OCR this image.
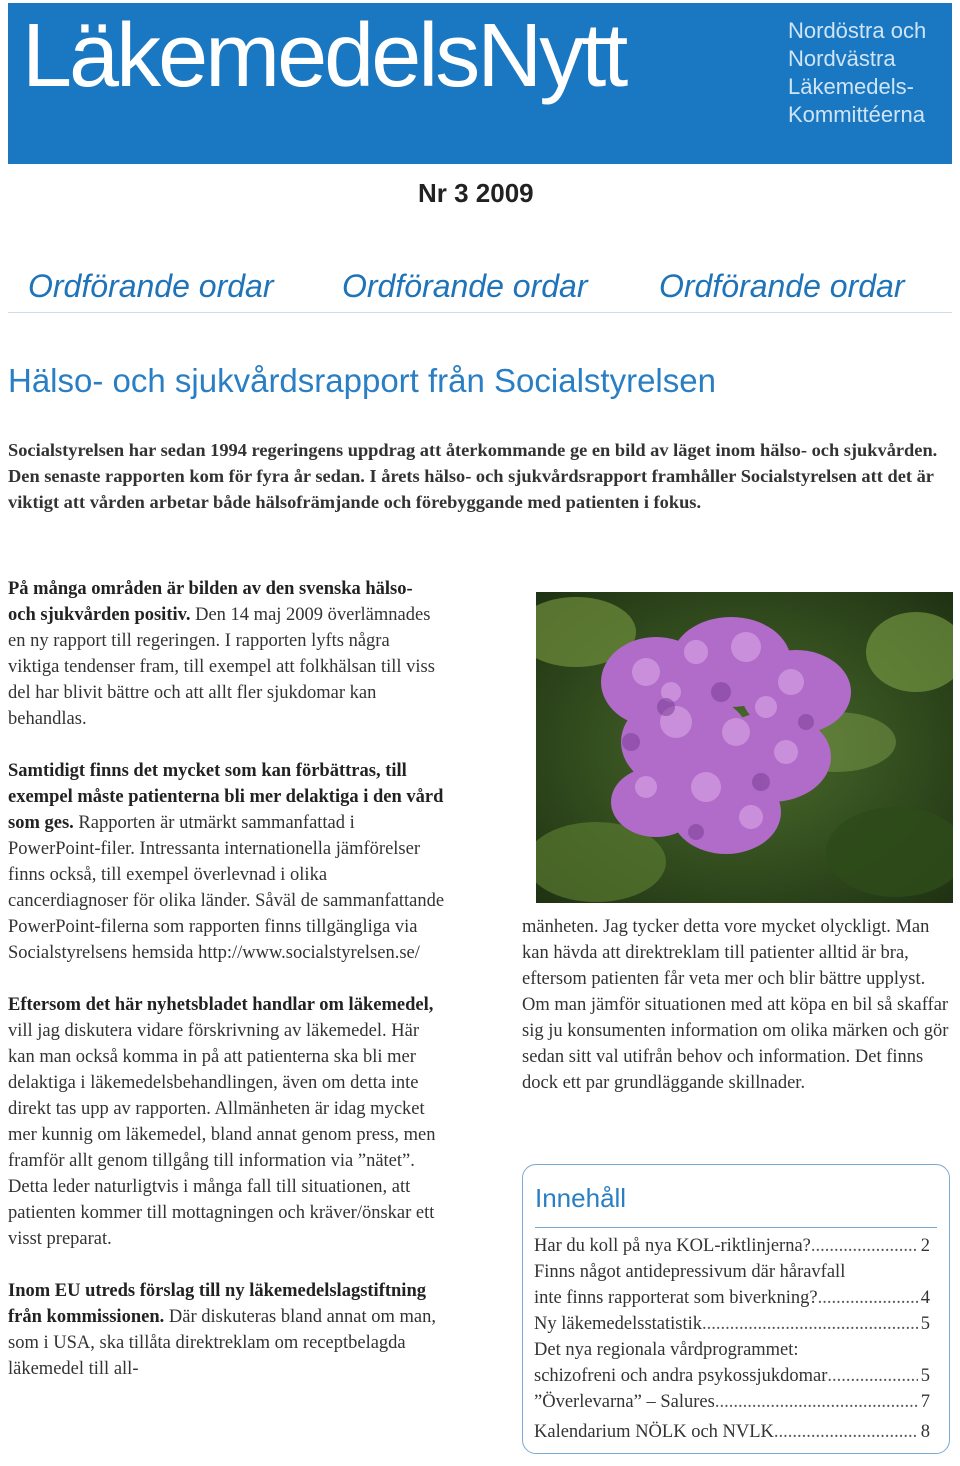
LäkemedelsNytt	Nordöstra och
Nordvästra
Läkemedels-
Kommittéerna
Nr 3 2009
Ordförande ordar Ordförande ordar Ordförande ordar
Hälso- och sjukvårdsrapport från Socialstyrelsen
Socialstyrelsen har sedan 1994 regeringens uppdrag att återkommande ge en bild av läget inom hälso- och sjukvården. Den senaste rapporten kom för fyra år sedan. I årets hälso- och sjukvårdsrapport framhåller Socialstyrelsen att det är viktigt att vården arbetar både hälsofrämjande och förebyggande med patienten i fokus.

På många områden är bilden av den svenska hälso- och sjukvården positiv. Den 14 maj 2009 överlämnades en ny rapport till regeringen. I rapporten lyfts några viktiga tendenser fram, till exempel att folkhälsan till viss del har blivit bättre och att allt fler sjukdomar kan behandlas.

Samtidigt finns det mycket som kan förbättras, till exempel måste patienterna bli mer delaktiga i den vård som ges. Rapporten är utmärkt sammanfattad i PowerPoint-filer. Intressanta internationella jämförelser finns också, till exempel överlevnad i olika cancerdiagnoser för olika länder. Såväl de sammanfattande PowerPoint-filerna som rapporten finns tillgängliga via Socialstyrelsens hemsida http://www.socialstyrelsen.se/

Eftersom det här nyhetsbladet handlar om läkemedel, vill jag diskutera vidare förskrivning av läkemedel. Här kan man också komma in på att patienterna ska bli mer delaktiga i läkemedelsbehandlingen, även om detta inte direkt tas upp av rapporten. Allmänheten är idag mycket mer kunnig om läkemedel, bland annat genom press, men framför allt genom tillgång till information via ”nätet”. Detta leder naturligtvis i många fall till situationen, att patienten kommer till mottagningen och kräver/önskar ett visst preparat.

Inom EU utreds förslag till ny läkemedelslagstiftning från kommissionen. Där diskuteras bland annat om man, som i USA, ska tillåta direktreklam om receptbelagda läkemedel till all-

mänheten. Jag tycker detta vore mycket olyckligt. Man kan hävda att direktreklam till patienter alltid är bra, eftersom patienten får veta mer och blir bättre upplyst. Om man jämför situationen med att köpa en bil så skaffar sig ju konsumenten information om olika märken och gör sedan sitt val utifrån behov och information. Det finns dock ett par grundläggande skillnader.

Innehåll
Har du koll på nya KOL-riktlinjerna? .....	2
Finns något antidepressivum där håravfall
inte finns rapporterat som biverkning? .....	4
Ny läkemedelsstatistik .....	5
Det nya regionala vårdprogrammet:
schizofreni och andra psykossjukdomar .....	5
”Överlevarna” – Salures .....	7
Kalendarium NÖLK och NVLK .....	8
